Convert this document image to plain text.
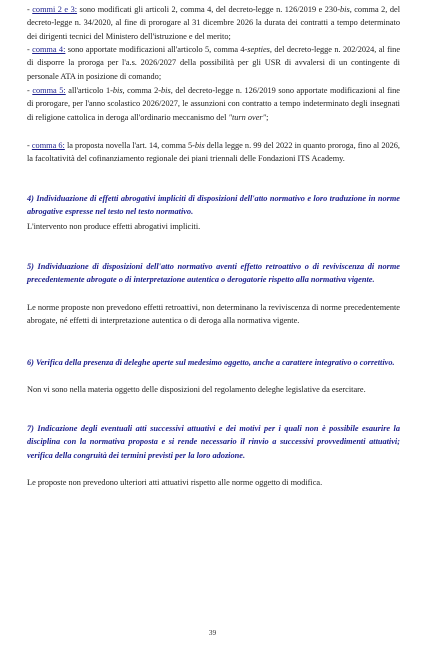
- commi 2 e 3: sono modificati gli articoli 2, comma 4, del decreto-legge n. 126/2019 e 230-bis, comma 2, del decreto-legge n. 34/2020, al fine di prorogare al 31 dicembre 2026 la durata dei contratti a tempo determinato dei dirigenti tecnici del Ministero dell'istruzione e del merito;

- comma 4: sono apportate modificazioni all'articolo 5, comma 4-septies, del decreto-legge n. 202/2024, al fine di disporre la proroga per l'a.s. 2026/2027 della possibilità per gli USR di avvalersi di un contingente di personale ATA in posizione di comando;

- comma 5: all'articolo 1-bis, comma 2-bis, del decreto-legge n. 126/2019 sono apportate modificazioni al fine di prorogare, per l'anno scolastico 2026/2027, le assunzioni con contratto a tempo indeterminato degli insegnati di religione cattolica in deroga all'ordinario meccanismo del "turn over";

- comma 6: la proposta novella l'art. 14, comma 5-bis della legge n. 99 del 2022 in quanto proroga, fino al 2026, la facoltatività del cofinanziamento regionale dei piani triennali delle Fondazioni ITS Academy.

4) Individuazione di effetti abrogativi impliciti di disposizioni dell'atto normativo e loro traduzione in norme abrogative espresse nel testo nel testo normativo.

L'intervento non produce effetti abrogativi impliciti.

5) Individuazione di disposizioni dell'atto normativo aventi effetto retroattivo o di reviviscenza di norme precedentemente abrogate o di interpretazione autentica o derogatorie rispetto alla normativa vigente.

Le norme proposte non prevedono effetti retroattivi, non determinano la reviviscenza di norme precedentemente abrogate, né effetti di interpretazione autentica o di deroga alla normativa vigente.

6) Verifica della presenza di deleghe aperte sul medesimo oggetto, anche a carattere integrativo o correttivo.

Non vi sono nella materia oggetto delle disposizioni del regolamento deleghe legislative da esercitare.

7) Indicazione degli eventuali atti successivi attuativi e dei motivi per i quali non è possibile esaurire la disciplina con la normativa proposta e si rende necessario il rinvio a successivi provvedimenti attuativi; verifica della congruità dei termini previsti per la loro adozione.

Le proposte non prevedono ulteriori atti attuativi rispetto alle norme oggetto di modifica.

39
